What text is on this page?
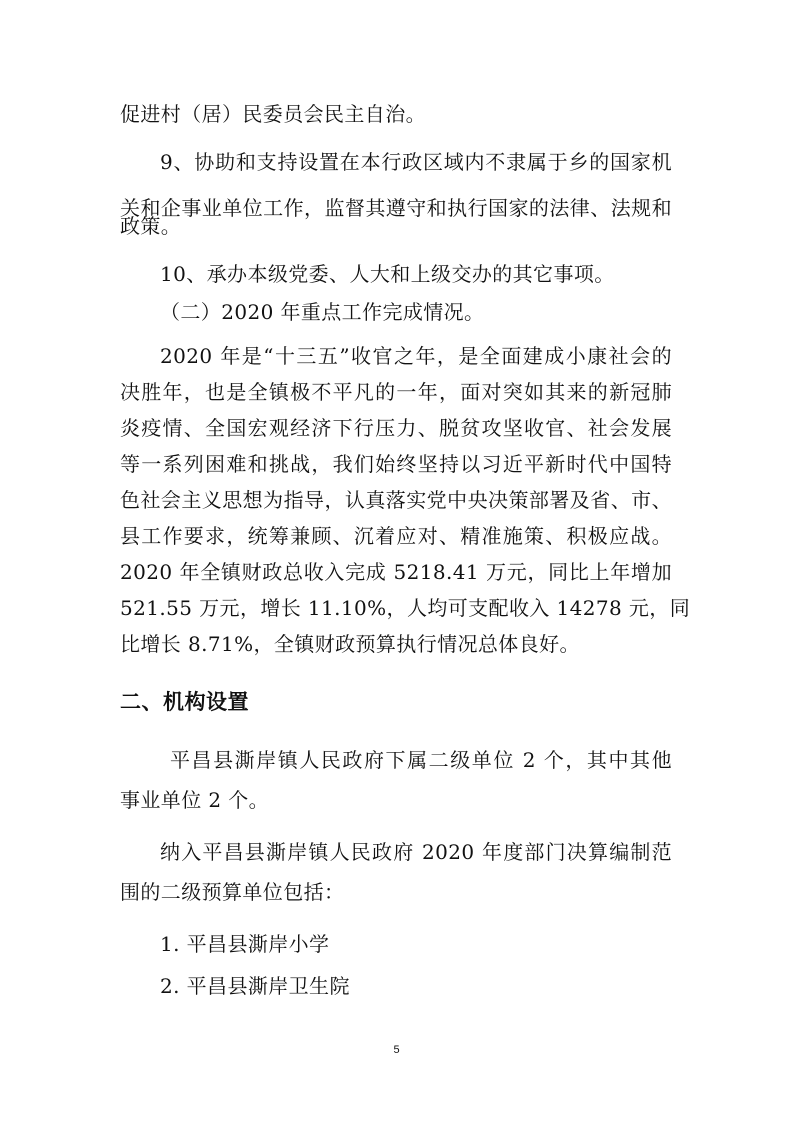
促进村（居）民委员会民主自治。
9、协助和支持设置在本行政区域内不隶属于乡的国家机
关和企事业单位工作，监督其遵守和执行国家的法律、法规和
政策。
10、承办本级党委、人大和上级交办的其它事项。
（二）2020 年重点工作完成情况。
2020 年是“十三五”收官之年，是全面建成小康社会的
决胜年，也是全镇极不平凡的一年，面对突如其来的新冠肺
炎疫情、全国宏观经济下行压力、脱贫攻坚收官、社会发展
等一系列困难和挑战，我们始终坚持以习近平新时代中国特
色社会主义思想为指导，认真落实党中央决策部署及省、市、
县工作要求，统筹兼顾、沉着应对、精准施策、积极应战。
2020 年全镇财政总收入完成 5218.41 万元，同比上年增加
521.55 万元，增长 11.10%，人均可支配收入 14278 元，同
比增长 8.71%，全镇财政预算执行情况总体良好。
二、机构设置
平昌县澌岸镇人民政府下属二级单位 2 个，其中其他
事业单位 2 个。
纳入平昌县澌岸镇人民政府 2020 年度部门决算编制范
围的二级预算单位包括：
1. 平昌县澌岸小学
2. 平昌县澌岸卫生院
5
